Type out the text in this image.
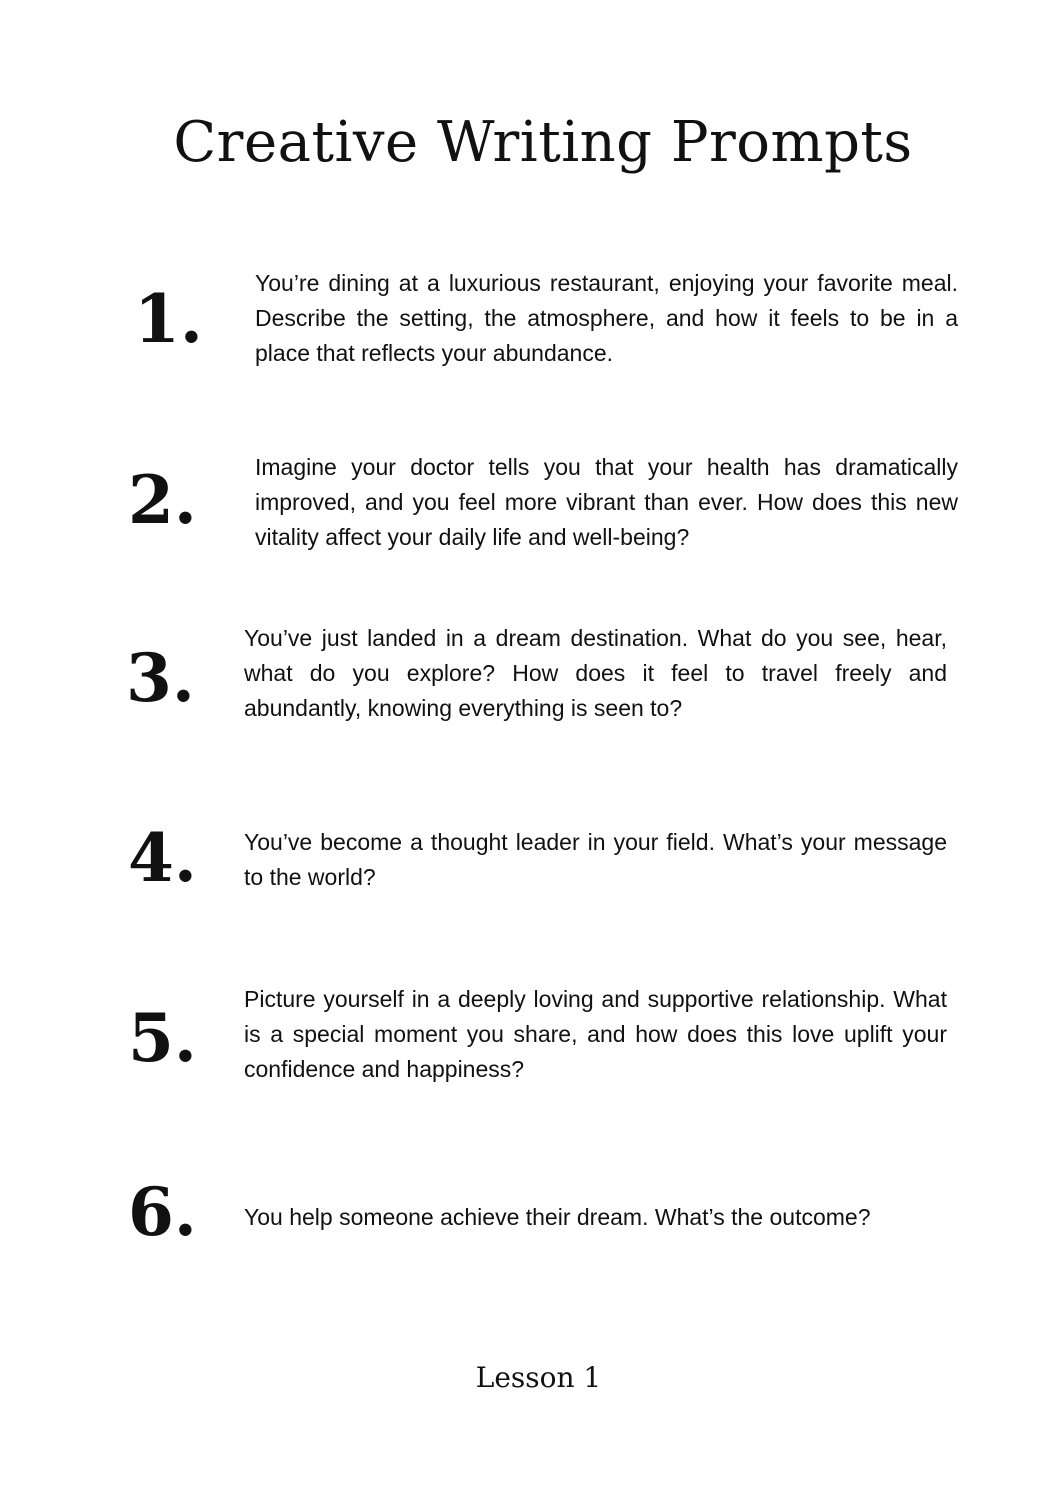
Creative Writing Prompts
1. You’re dining at a luxurious restaurant, enjoying your favorite meal. Describe the setting, the atmosphere, and how it feels to be in a place that reflects your abundance.

2.	Imagine your doctor tells you that your health has dramatically improved, and you feel more vibrant than ever. How does this new vitality affect your daily life and well-being?

3.

You’ve just landed in a dream destination. What do you see, hear, what do you explore? How does it feel to travel freely and abundantly, knowing everything is seen to?

4. You’ve become a thought leader in your field. What’s your message to the world?

5. Picture yourself in a deeply loving and supportive relationship. What is a special moment you share, and how does this love uplift your confidence and happiness?

6. You help someone achieve their dream. What’s the outcome?

Lesson 1
